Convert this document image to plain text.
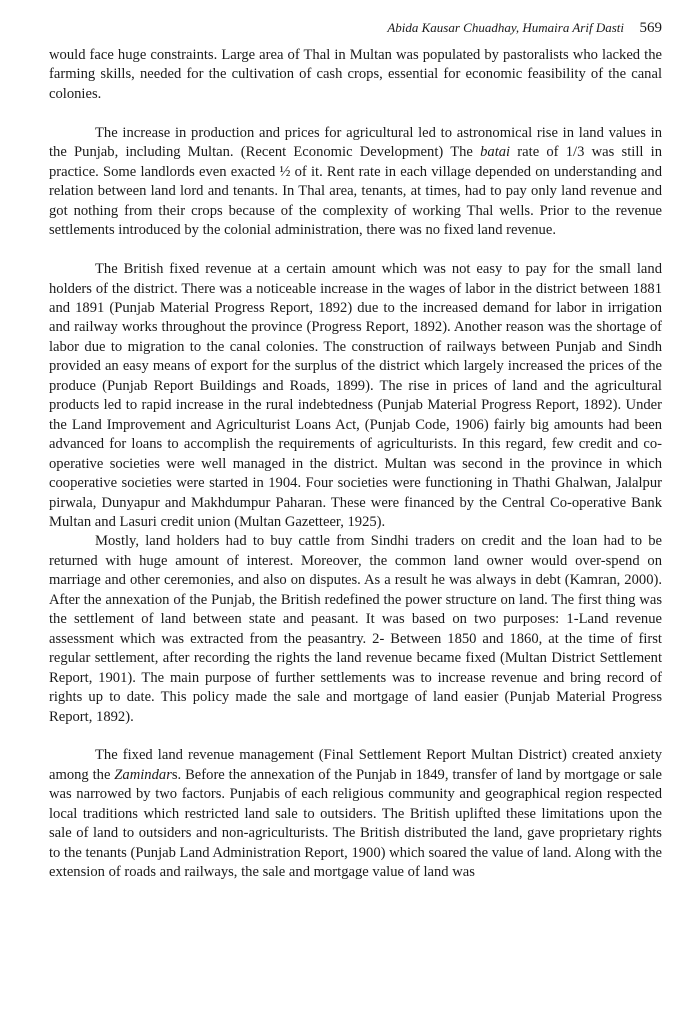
Abida Kausar Chuadhay, Humaira Arif Dasti 569

would face huge constraints. Large area of Thal in Multan was populated by pastoralists who lacked the farming skills, needed for the cultivation of cash crops, essential for economic feasibility of the canal colonies.

The increase in production and prices for agricultural led to astronomical rise in land values in the Punjab, including Multan. (Recent Economic Development) The batai rate of 1/3 was still in practice. Some landlords even exacted ½ of it. Rent rate in each village depended on understanding and relation between land lord and tenants. In Thal area, tenants, at times, had to pay only land revenue and got nothing from their crops because of the complexity of working Thal wells. Prior to the revenue settlements introduced by the colonial administration, there was no fixed land revenue.

The British fixed revenue at a certain amount which was not easy to pay for the small land holders of the district. There was a noticeable increase in the wages of labor in the district between 1881 and 1891 (Punjab Material Progress Report, 1892) due to the increased demand for labor in irrigation and railway works throughout the province (Progress Report, 1892). Another reason was the shortage of labor due to migration to the canal colonies. The construction of railways between Punjab and Sindh provided an easy means of export for the surplus of the district which largely increased the prices of the produce (Punjab Report Buildings and Roads, 1899). The rise in prices of land and the agricultural products led to rapid increase in the rural indebtedness (Punjab Material Progress Report, 1892). Under the Land Improvement and Agriculturist Loans Act, (Punjab Code, 1906) fairly big amounts had been advanced for loans to accomplish the requirements of agriculturists. In this regard, few credit and co-operative societies were well managed in the district. Multan was second in the province in which cooperative societies were started in 1904. Four societies were functioning in Thathi Ghalwan, Jalalpur pirwala, Dunyapur and Makhdumpur Paharan. These were financed by the Central Co-operative Bank Multan and Lasuri credit union (Multan Gazetteer, 1925).

Mostly, land holders had to buy cattle from Sindhi traders on credit and the loan had to be returned with huge amount of interest. Moreover, the common land owner would over-spend on marriage and other ceremonies, and also on disputes. As a result he was always in debt (Kamran, 2000). After the annexation of the Punjab, the British redefined the power structure on land. The first thing was the settlement of land between state and peasant. It was based on two purposes: 1-Land revenue assessment which was extracted from the peasantry. 2- Between 1850 and 1860, at the time of first regular settlement, after recording the rights the land revenue became fixed (Multan District Settlement Report, 1901). The main purpose of further settlements was to increase revenue and bring record of rights up to date. This policy made the sale and mortgage of land easier (Punjab Material Progress Report, 1892).

The fixed land revenue management (Final Settlement Report Multan District) created anxiety among the Zamindars. Before the annexation of the Punjab in 1849, transfer of land by mortgage or sale was narrowed by two factors. Punjabis of each religious community and geographical region respected local traditions which restricted land sale to outsiders. The British uplifted these limitations upon the sale of land to outsiders and non-agriculturists. The British distributed the land, gave proprietary rights to the tenants (Punjab Land Administration Report, 1900) which soared the value of land. Along with the extension of roads and railways, the sale and mortgage value of land was
